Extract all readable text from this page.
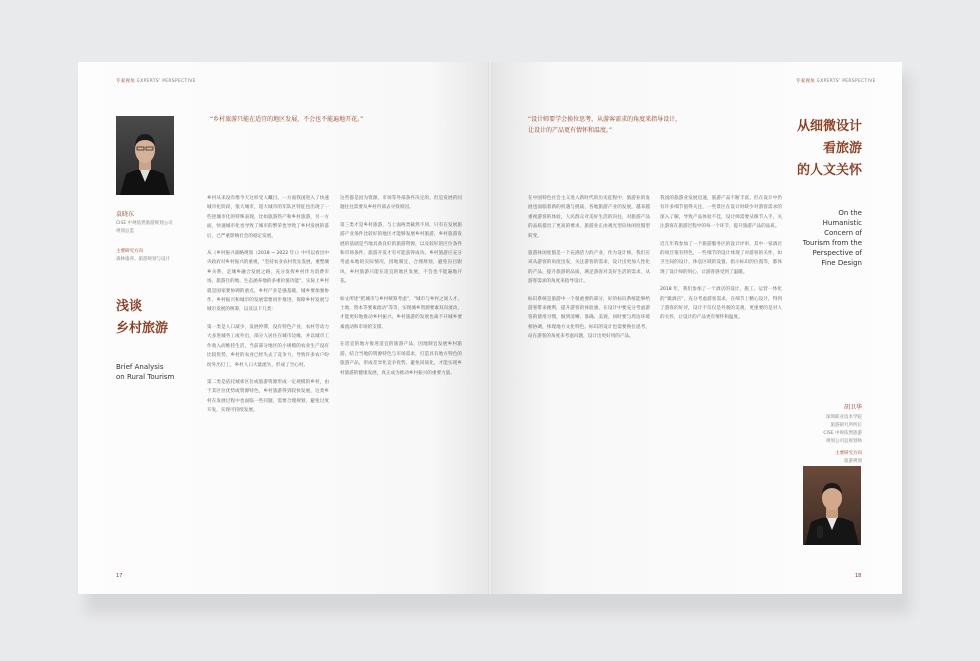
专家视角 EXPERTS' PERSPECTIVE
“乡村旅游只能在适宜的地区发展，不会也不能遍地开花。”
袁晓东
CISE 中规依然旅游规划公司
规划总监
主要研究方向
森林康养、旅游规划与设计
浅谈
乡村旅游
Brief Analysis
on Rural Tourism

乡村从来没有像今天这样受人瞩目。一方面我国进入了快速城市化阶段，很大城市，超大城市的军队区特征也出现了一些逆城市化的特殊表现，比如旅游热产和乡村旅游，另一方面，快速城市化也导致了城市的繁荣也导致了乡村发展的落后，已严重影响社会的稳定发展。

从《乡村振兴战略规划（2018 ~ 2022 年）》中可以看出中央政府对乡村振兴的重视，“坚持农业农村优先发展，重塑城乡关系，走城乡融合发展之路，充分发挥乡村作为消费市场、旅游目的地、生态涵养地的多重价值功能”，实际上乡村就是国家要协调的重点，乡村产业是强基础，城乡要加强协作，乡村振兴和城市的发展需要同步推进，保障乡村发展与城市发展的统筹，以及以下几类：

第一类是人口减少，发展停滞，没有特色产业，农村劳动力大多进城务工或外出，部分人居住在城市边缘，并以城市工作收入而维持生活，当前部分地区的小规模的农业生产没有比较优势，乡村的农业已经失去了竞争力，导致许多农户纷纷外出打工，乡村人口大量流失，形成了空心村。

第二类是依托城郊区位或旅游资源形成一定规模的乡村，由于其区位优势或资源特色，乡村旅游得到较快发展，这类乡村在发展过程中也面临一些问题，需要合理规划，避免过度开发，实现可持续发展。

这些都是因为资源、市场等外部条件决定的，但是发展的问题往往需要从乡村内部去寻找原因。

第三类才是乡村旅游，与上面两类截然不同，只有在发展旅游产业条件比较好的地区才能够发展乡村旅游，乡村旅游发展的基础是当地具备良好的旅游资源，以及较好的区位条件和市场条件，旅游开发才有可能获得成功。乡村旅游应充分考虑本地的实际情况，因地制宜，合理规划，避免盲目跟风，乡村旅游只能在适宜的地区发展，不会也不能遍地开花。

如文所述“把城市与乡村统筹考虑”，“城市与乡村之间人才、土地、资本等要素流动”等等，实现城乡资源要素双向流动，才能更好地推动乡村振兴，乡村旅游的发展也离不开城乡要素流动和市场的支撑。

在适宜的地方推进适宜的旅游产品，因地制宜发展乡村旅游，结合当地的资源特色与市场需求，打造具有地方特色的旅游产品，形成差异化竞争优势，避免同质化，才能实现乡村旅游的健康发展，真正成为推动乡村振兴的重要力量。

17
专家视角 EXPERTS' PERSPECTIVE
“设计师要学会换位思考，从游客需求的角度来指导设计，
让设计的产品更有情怀和温度。”	从细微设计
看旅游
的人文关怀
On the
Humanistic
Concern of
Tourism from the
Perspective of
Fine Design

在中国特色社会主义进入新时代的历史征程中，旅游业的发展也面临着新的机遇与挑战，各地旅游产业的发展，越来越重视游客的体验，人民群众对美好生活的向往，对旅游产品的品质提出了更高的要求，旅游业正由观光型向休闲度假型转变。

旅游休闲度假是一个充满活力的产业，作为设计师，我们应该从游客的角度出发，关注游客的需求，设计出更加人性化的产品，提升旅游的品质，满足游客对美好生活的需求，从游客需求的角度来指导设计。

标识系统是旅游中一个很重要的部分，好的标识系统能够给游客带来便利，提升游客的体验感，在设计中要充分考虑游客的使用习惯，做到清晰、准确、美观，同时要与周边环境相协调，体现地方文化特色。标识的设计也需要换位思考，站在游客的角度来考虑问题，设计出更好用的产品。

我国的旅游业发展迅速，旅游产品不断丰富，但在设计中仍有许多细节值得关注，一些景区在设计时缺少对游客需求的深入了解，导致产品体验不佳，设计师需要从细节入手，关注游客在旅游过程中的每一个环节，提升旅游产品的品质。

近几年我参加了一个旅游服务区的设计评审，其中一家酒店的项目很有特色，一些细节的设计体现了对游客的关怀，如卫生间的设计、休息区域的设置、指示标识的位置等，都体现了设计师的用心，让游客感受到了温暖。

2018 年，我们参加了一个酒店的设计，施工、运营一体化的“微酒店”，充分考虑游客需求，在细节上精心设计，得到了游客的好评，设计不仅仅是外观的美观，更重要的是对人的关怀，让设计的产品更有情怀和温度。

胡卫华
深圳职业技术学院
旅游研究所所长
CISE 中规依然旅游
规划公司总规划师
主要研究方向
旅游规划
18
